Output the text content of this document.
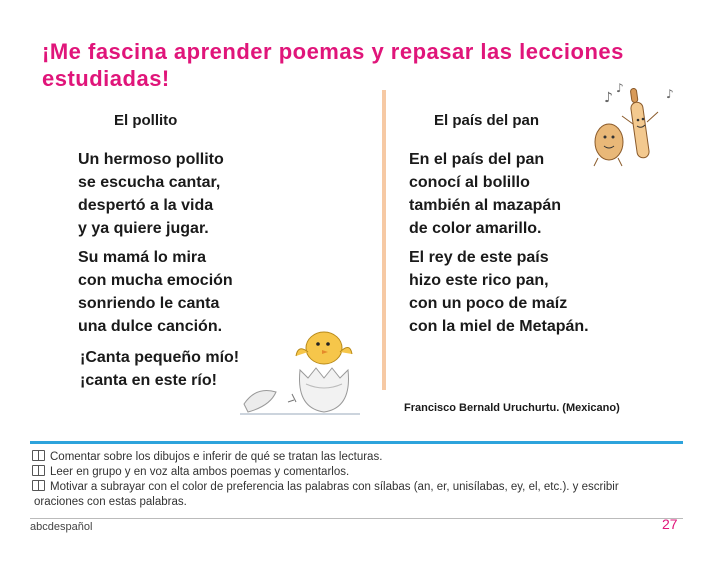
¡Me fascina aprender poemas y repasar las lecciones estudiadas!
El pollito
Un hermoso pollito
se escucha cantar,
despertó a la vida
y ya quiere jugar.
Su mamá lo mira
con mucha emoción
sonriendo le canta
una dulce canción.
¡Canta pequeño mío!
¡canta en este río!
El país del pan
En el país del pan
conocí al bolillo
también al mazapán
de color amarillo.
El rey de este país
hizo este rico pan,
con un poco de maíz
con la miel de Metapán.
Francisco Bernald Uruchurtu. (Mexicano)
♪
♪	♪
Comentar sobre los dibujos e inferir de qué se tratan las lecturas.
Leer en grupo y en voz alta ambos poemas y comentarlos.
Motivar a subrayar con el color de preferencia las palabras con sílabas (an, er, unisílabas, ey, el, etc.). y escribir
oraciones con estas palabras.
abcdespañol	27
